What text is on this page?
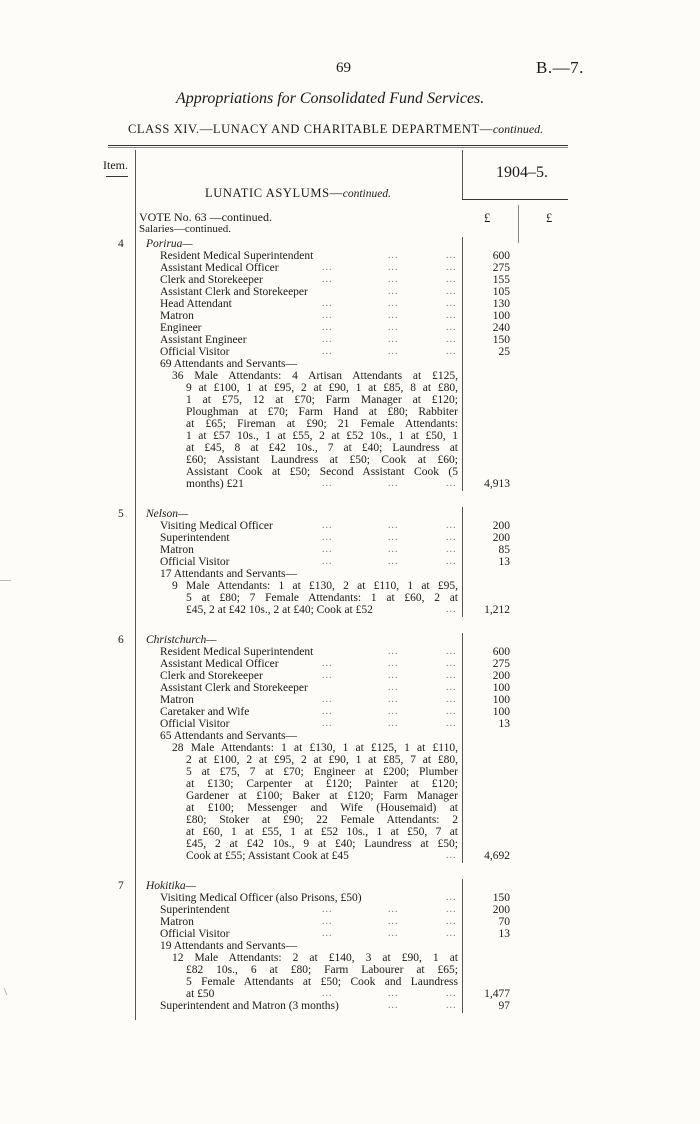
69	B.—7.
Appropriations for Consolidated Fund Services.
CLASS XIV.—LUNACY AND CHARITABLE DEPARTMENT—continued.
Item.	1904–5.
LUNATIC ASYLUMS—continued.
VOTE No. 63 —continued.
Salaries—continued.
£	£
4 Porirua—
Resident Medical Superintendent	...	...	600
Assistant Medical Officer	...	...	...	275
Clerk and Storekeeper	...	...	...	155
Assistant Clerk and Storekeeper	...	...	105
Head Attendant	...	...	...	130
Matron	...	...	...	100
Engineer	...	...	...	240
Assistant Engineer	...	...	...	150
Official Visitor	...	...	...	25
69 Attendants and Servants—
36 Male Attendants: 4 Artisan Attendants at £125,
9 at £100, 1 at £95, 2 at £90, 1 at £85, 8 at £80,
1 at £75, 12 at £70; Farm Manager at £120;
Ploughman at £70; Farm Hand at £80; Rabbiter
at £65; Fireman at £90; 21 Female Attendants:
1 at £57 10s., 1 at £55, 2 at £52 10s., 1 at £50, 1
at £45, 8 at £42 10s., 7 at £40; Laundress at
£60; Assistant Laundress at £50; Cook at £60;
Assistant Cook at £50; Second Assistant Cook (5
months) £21	...	...	... 4,913
5 Nelson—
Visiting Medical Officer	...	...	...	200
Superintendent	...	...	...	200
Matron	...	...	...	85
Official Visitor	...	...	...	13
17 Attendants and Servants—
9 Male Attendants: 1 at £130, 2 at £110, 1 at £95,
5 at £80; 7 Female Attendants: 1 at £60, 2 at
£45, 2 at £42 10s., 2 at £40; Cook at £52	... 1,212
6 Christchurch—
Resident Medical Superintendent	...	...	600
Assistant Medical Officer	...	...	...	275
Clerk and Storekeeper	...	...	...	200
Assistant Clerk and Storekeeper	...	...	100
Matron	...	...	...	100
Caretaker and Wife	...	...	...	100
Official Visitor	...	...	...	13
65 Attendants and Servants—
28 Male Attendants: 1 at £130, 1 at £125, 1 at £110,
2 at £100, 2 at £95, 2 at £90, 1 at £85, 7 at £80,
5 at £75, 7 at £70; Engineer at £200; Plumber
at £130; Carpenter at £120; Painter at £120;
Gardener at £100; Baker at £120; Farm Manager
at £100; Messenger and Wife (Housemaid) at
£80; Stoker at £90; 22 Female Attendants: 2
at £60, 1 at £55, 1 at £52 10s., 1 at £50, 7 at
£45, 2 at £42 10s., 9 at £40; Laundress at £50;
Cook at £55; Assistant Cook at £45	... 4,692
7 Hokitika—
Visiting Medical Officer (also Prisons, £50)	...	150
Superintendent	...	...	...	200
Matron	...	...	...	70
Official Visitor	...	...	...	13
19 Attendants and Servants—
12 Male Attendants: 2 at £140, 3 at £90, 1 at
£82 10s., 6 at £80; Farm Labourer at £65;
5 Female Attendants at £50; Cook and Laundress
at £50	...	...	... 1,477
Superintendent and Matron (3 months)	...	...	97
—
\
